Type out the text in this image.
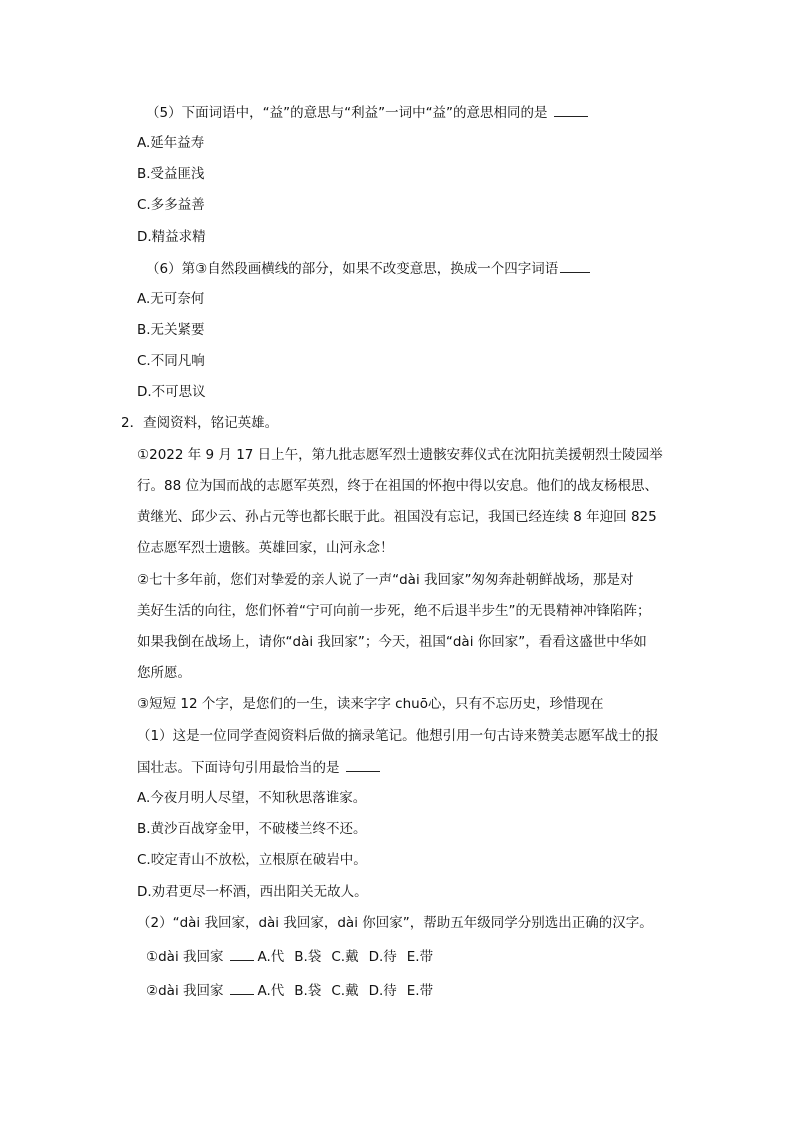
（5）下面词语中，“益”的意思与“利益”一词中“益”的意思相同的是
A.延年益寿
B.受益匪浅
C.多多益善
D.精益求精
（6）第③自然段画横线的部分，如果不改变意思，换成一个四字词语
A.无可奈何
B.无关紧要
C.不同凡响
D.不可思议
2．查阅资料，铭记英雄。
①2022 年 9 月 17 日上午，第九批志愿军烈士遗骸安葬仪式在沈阳抗美援朝烈士陵园举
行。88 位为国而战的志愿军英烈，终于在祖国的怀抱中得以安息。他们的战友杨根思、
黄继光、邱少云、孙占元等也都长眠于此。祖国没有忘记，我国已经连续 8 年迎回 825
位志愿军烈士遗骸。英雄回家，山河永念！
②七十多年前，您们对挚爱的亲人说了一声“dài 我回家”匆匆奔赴朝鲜战场，那是对
美好生活的向往，您们怀着“宁可向前一步死，绝不后退半步生”的无畏精神冲锋陷阵；
如果我倒在战场上，请你“dài 我回家”；今天，祖国“dài 你回家”，看看这盛世中华如
您所愿。
③短短 12 个字，是您们的一生，读来字字 chuō心，只有不忘历史，珍惜现在
（1）这是一位同学查阅资料后做的摘录笔记。他想引用一句古诗来赞美志愿军战士的报
国壮志。下面诗句引用最恰当的是
A.今夜月明人尽望，不知秋思落谁家。
B.黄沙百战穿金甲，不破楼兰终不还。
C.咬定青山不放松，立根原在破岩中。
D.劝君更尽一杯酒，西出阳关无故人。
（2）“dài 我回家，dài 我回家，dài 你回家”，帮助五年级同学分别选出正确的汉字。
①dài 我回家	A.代 B.袋 C.戴 D.待 E.带
②dài 我回家	A.代 B.袋 C.戴 D.待 E.带
